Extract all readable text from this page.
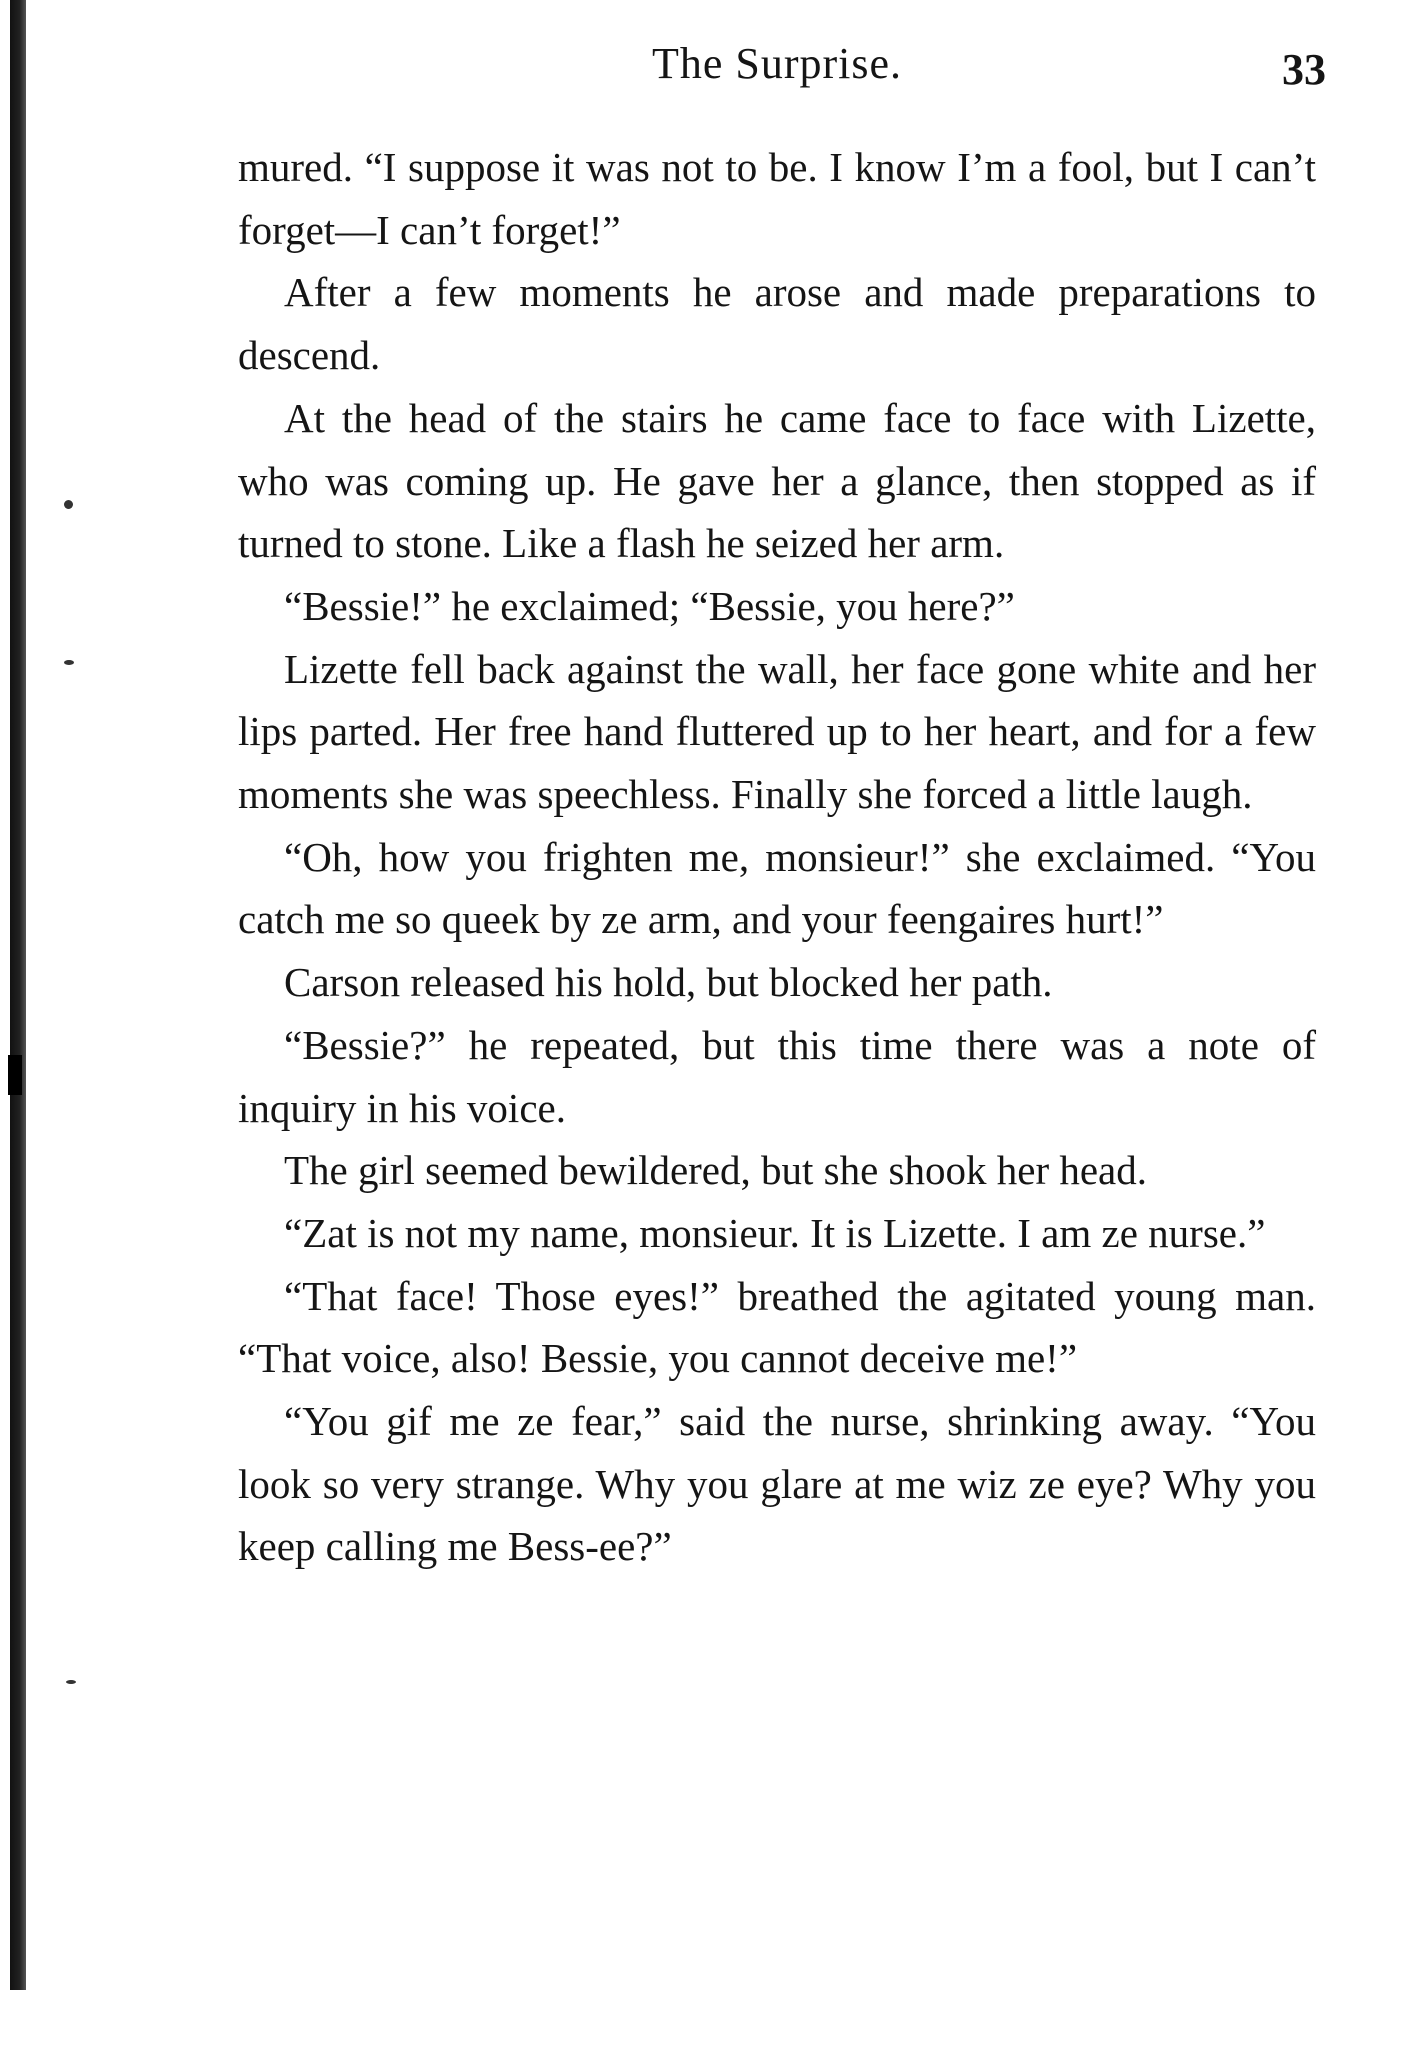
The Surprise.	33

mured. “I suppose it was not to be. I know I’m a fool, but I can’t forget—I can’t forget!”

After a few moments he arose and made preparations to descend.

At the head of the stairs he came face to face with Lizette, who was coming up. He gave her a glance, then stopped as if turned to stone. Like a flash he seized her arm.

“Bessie!” he exclaimed; “Bessie, you here?”

Lizette fell back against the wall, her face gone white and her lips parted. Her free hand fluttered up to her heart, and for a few moments she was speechless. Finally she forced a little laugh.

“Oh, how you frighten me, monsieur!” she exclaimed. “You catch me so queek by ze arm, and your feengaires hurt!”

Carson released his hold, but blocked her path.

“Bessie?” he repeated, but this time there was a note of inquiry in his voice.

The girl seemed bewildered, but she shook her head.

“Zat is not my name, monsieur. It is Lizette. I am ze nurse.”

“That face! Those eyes!” breathed the agitated young man. “That voice, also! Bessie, you cannot deceive me!”

“You gif me ze fear,” said the nurse, shrinking away. “You look so very strange. Why you glare at me wiz ze eye? Why you keep calling me Bess-ee?”
